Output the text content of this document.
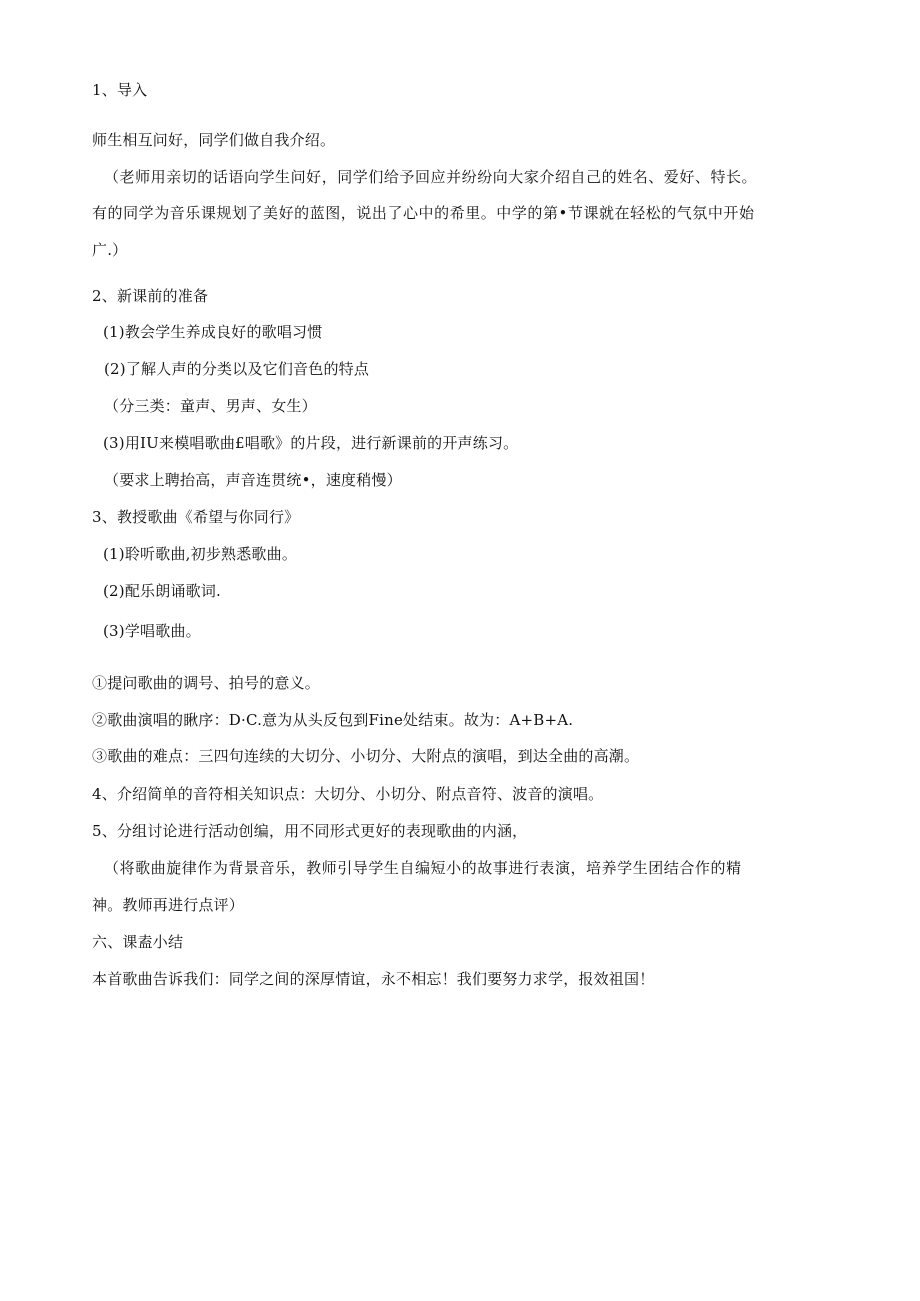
1、导入
师生相互问好，同学们做自我介绍。
（老师用亲切的话语向学生问好，同学们给予回应并纷纷向大家介绍自己的姓名、爱好、特长。
有的同学为音乐课规划了美好的蓝图，说出了心中的希里。中学的第•节课就在轻松的气氛中开始
广.）
2、新课前的准备
(1)教会学生养成良好的歌唱习惯
(2)了解人声的分类以及它们音色的特点
（分三类：童声、男声、女生）
(3)用IU来模唱歌曲£唱歌》的片段，进行新课前的开声练习。
（要求上聘抬高，声音连贯统•，速度稍慢）
3、教授歌曲《希望与你同行》
(1)聆听歌曲,初步熟悉歌曲。
(2)配乐朗诵歌词.
(3)学唱歌曲。
①提问歌曲的调号、拍号的意义。
②歌曲演唱的瞅序：D·C.意为从头反包到Fine处结束。故为：A+B+A.
③歌曲的难点：三四句连续的大切分、小切分、大附点的演唱，到达全曲的高潮。
4、介绍简单的音符相关知识点：大切分、小切分、附点音符、波音的演唱。
5、分组讨论进行活动创编，用不同形式更好的表现歌曲的内涵，
（将歌曲旋律作为背景音乐，教师引导学生自编短小的故事进行表演，培养学生团结合作的精
神。教师再进行点评）
六、课盍小结
本首歌曲告诉我们：同学之间的深厚情谊，永不相忘！我们要努力求学，报效祖国！
